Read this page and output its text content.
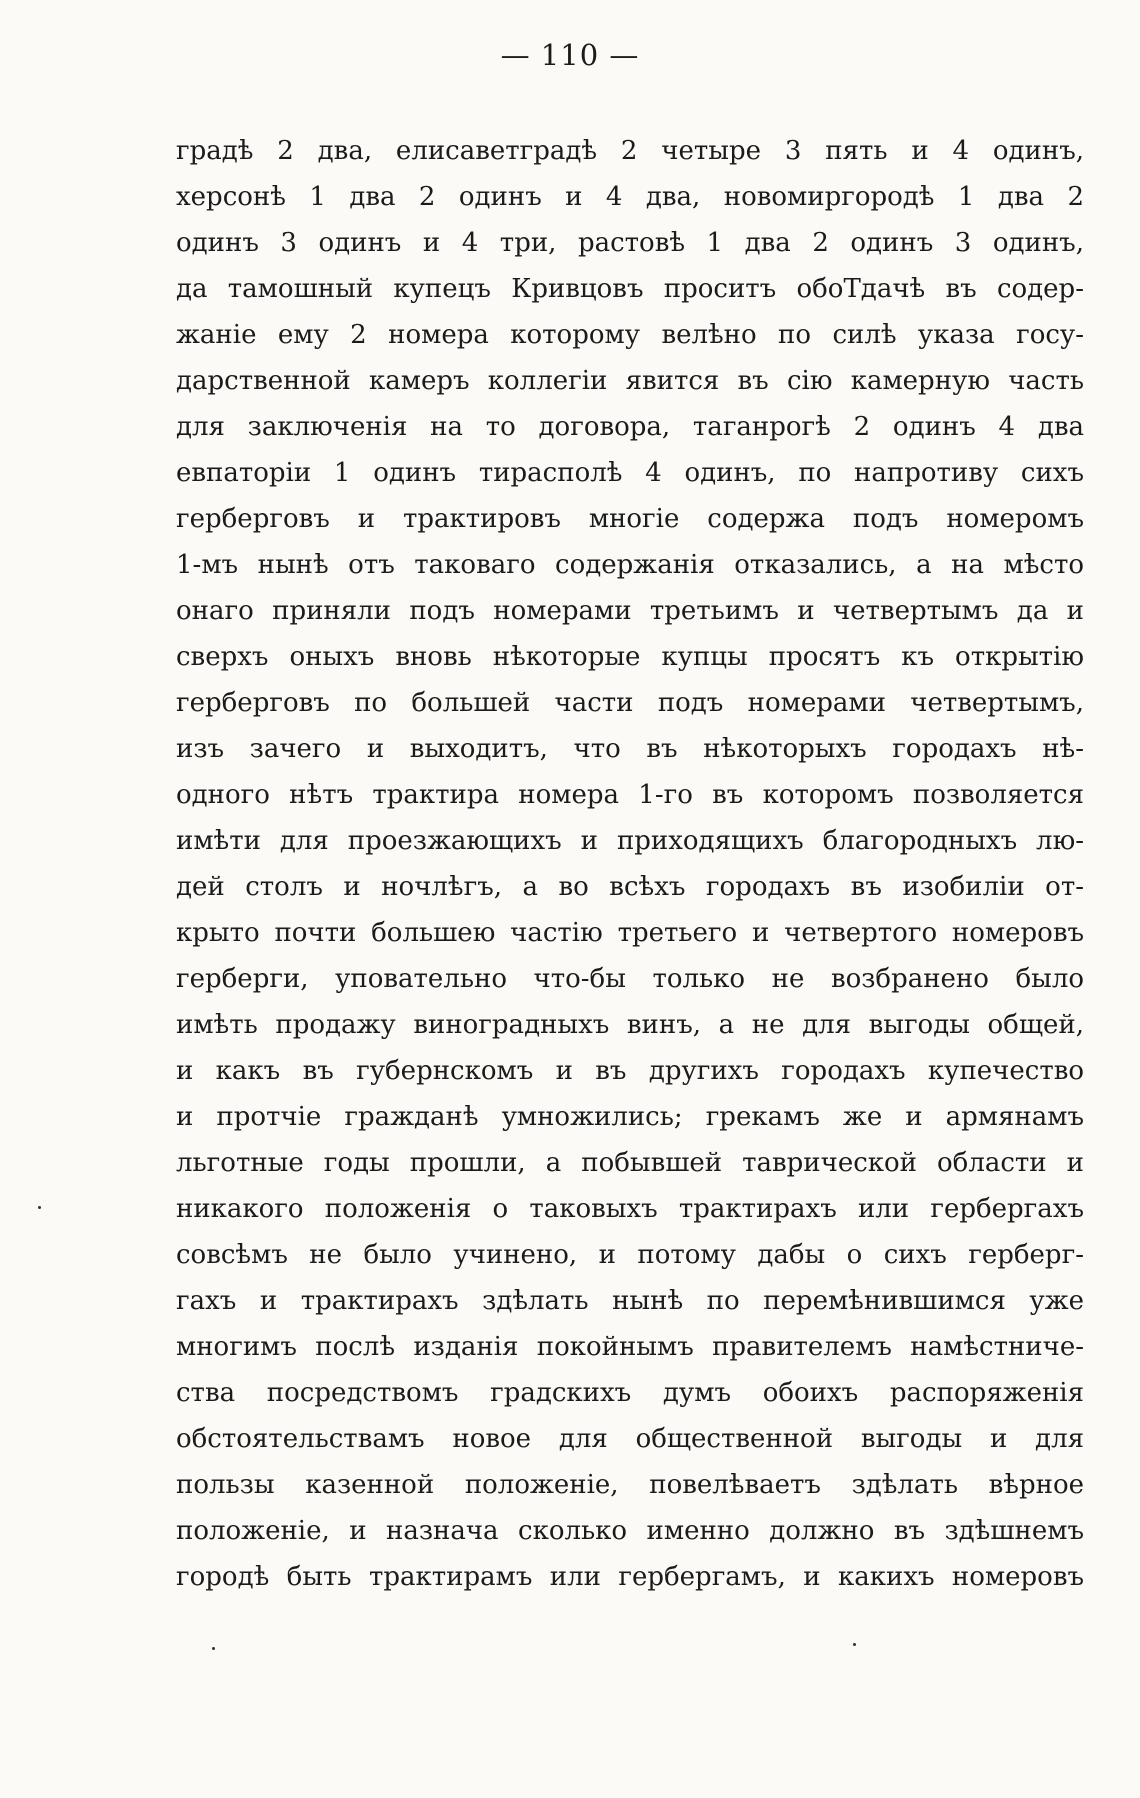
— 110 —
градѣ 2 два, елисаветградѣ 2 четыре 3 пять и 4 одинъ,
херсонѣ 1 два 2 одинъ и 4 два, новомиргородѣ 1 два 2
одинъ 3 одинъ и 4 три, растовѣ 1 два 2 одинъ 3 одинъ,
да тамошный купецъ Кривцовъ проситъ обоТдачѣ въ содер-
жаніе ему 2 номера которому велѣно по силѣ указа госу-
дарственной камеръ коллегіи явится въ сію камерную часть
для заключенія на то договора, таганрогѣ 2 одинъ 4 два
евпаторіи 1 одинъ тирасполѣ 4 одинъ, по напротиву сихъ
герберговъ и трактировъ многіе содержа подъ номеромъ
1-мъ нынѣ отъ таковаго содержанія отказались, а на мѣсто
онаго приняли подъ номерами третьимъ и четвертымъ да и
сверхъ оныхъ вновь нѣкоторые купцы просятъ къ открытію
герберговъ по большей части подъ номерами четвертымъ,
изъ зачего и выходитъ, что въ нѣкоторыхъ городахъ нѣ-
одного нѣтъ трактира номера 1-го въ которомъ позволяется
имѣти для проезжающихъ и приходящихъ благородныхъ лю-
дей столъ и ночлѣгъ, а во всѣхъ городахъ въ изобиліи от-
крыто почти большею частію третьего и четвертого номеровъ
герберги, уповательно что-бы только не возбранено было
имѣть продажу виноградныхъ винъ, а не для выгоды общей,
и какъ въ губернскомъ и въ другихъ городахъ купечество
и протчіе гражданѣ умножились; грекамъ же и армянамъ
льготные годы прошли, а побывшей таврической области и
никакого положенія о таковыхъ трактирахъ или гербергахъ
совсѣмъ не было учинено, и потому дабы о сихъ герберг-
гахъ и трактирахъ здѣлать нынѣ по перемѣнившимся уже
многимъ послѣ изданія покойнымъ правителемъ намѣстниче-
ства посредствомъ градскихъ думъ обоихъ распоряженія
обстоятельствамъ новое для общественной выгоды и для
пользы казенной положеніе, повелѣваетъ здѣлать вѣрное
положеніе, и назнача сколько именно должно въ здѣшнемъ
городѣ быть трактирамъ или гербергамъ, и какихъ номеровъ
